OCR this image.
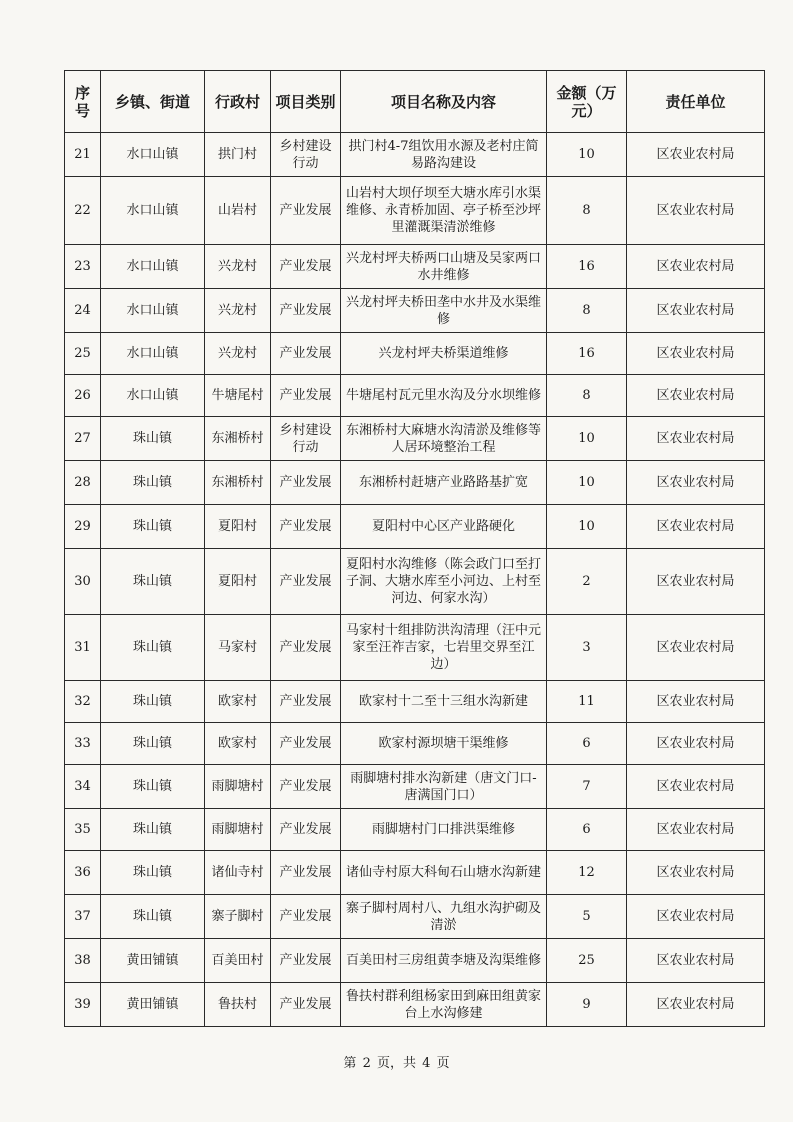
序号	乡镇、街道	行政村	项目类别	项目名称及内容	金额（万元）	责任单位
21	水口山镇	拱门村	乡村建设行动	拱门村4-7组饮用水源及老村庄简易路沟建设	10	区农业农村局
22	水口山镇	山岩村	产业发展	山岩村大坝仔坝至大塘水库引水渠维修、永青桥加固、亭子桥至沙坪里灌溉渠清淤维修	8	区农业农村局
23	水口山镇	兴龙村	产业发展	兴龙村坪夫桥两口山塘及吴家两口水井维修	16	区农业农村局
24	水口山镇	兴龙村	产业发展	兴龙村坪夫桥田垄中水井及水渠维修	8	区农业农村局
25	水口山镇	兴龙村	产业发展	兴龙村坪夫桥渠道维修	16	区农业农村局
26	水口山镇	牛塘尾村	产业发展	牛塘尾村瓦元里水沟及分水坝维修	8	区农业农村局
27	珠山镇	东湘桥村	乡村建设行动	东湘桥村大麻塘水沟清淤及维修等人居环境整治工程	10	区农业农村局
28	珠山镇	东湘桥村	产业发展	东湘桥村赶塘产业路路基扩宽	10	区农业农村局
29	珠山镇	夏阳村	产业发展	夏阳村中心区产业路硬化	10	区农业农村局
30	珠山镇	夏阳村	产业发展	夏阳村水沟维修（陈会政门口至打子洞、大塘水库至小河边、上村至河边、何家水沟）	2	区农业农村局
31	珠山镇	马家村	产业发展	马家村十组排防洪沟清理（汪中元家至汪祚吉家，七岩里交界至江边）	3	区农业农村局
32	珠山镇	欧家村	产业发展	欧家村十二至十三组水沟新建	11	区农业农村局
33	珠山镇	欧家村	产业发展	欧家村源坝塘干渠维修	6	区农业农村局
34	珠山镇	雨脚塘村	产业发展	雨脚塘村排水沟新建（唐文门口-唐满国门口）	7	区农业农村局
35	珠山镇	雨脚塘村	产业发展	雨脚塘村门口排洪渠维修	6	区农业农村局
36	珠山镇	诸仙寺村	产业发展	诸仙寺村原大科甸石山塘水沟新建	12	区农业农村局
37	珠山镇	寨子脚村	产业发展	寨子脚村周村八、九组水沟护砌及清淤	5	区农业农村局
38	黄田铺镇	百美田村	产业发展	百美田村三房组黄李塘及沟渠维修	25	区农业农村局
39	黄田铺镇	鲁扶村	产业发展	鲁扶村群利组杨家田到麻田组黄家台上水沟修建	9	区农业农村局
第 2 页，共 4 页
